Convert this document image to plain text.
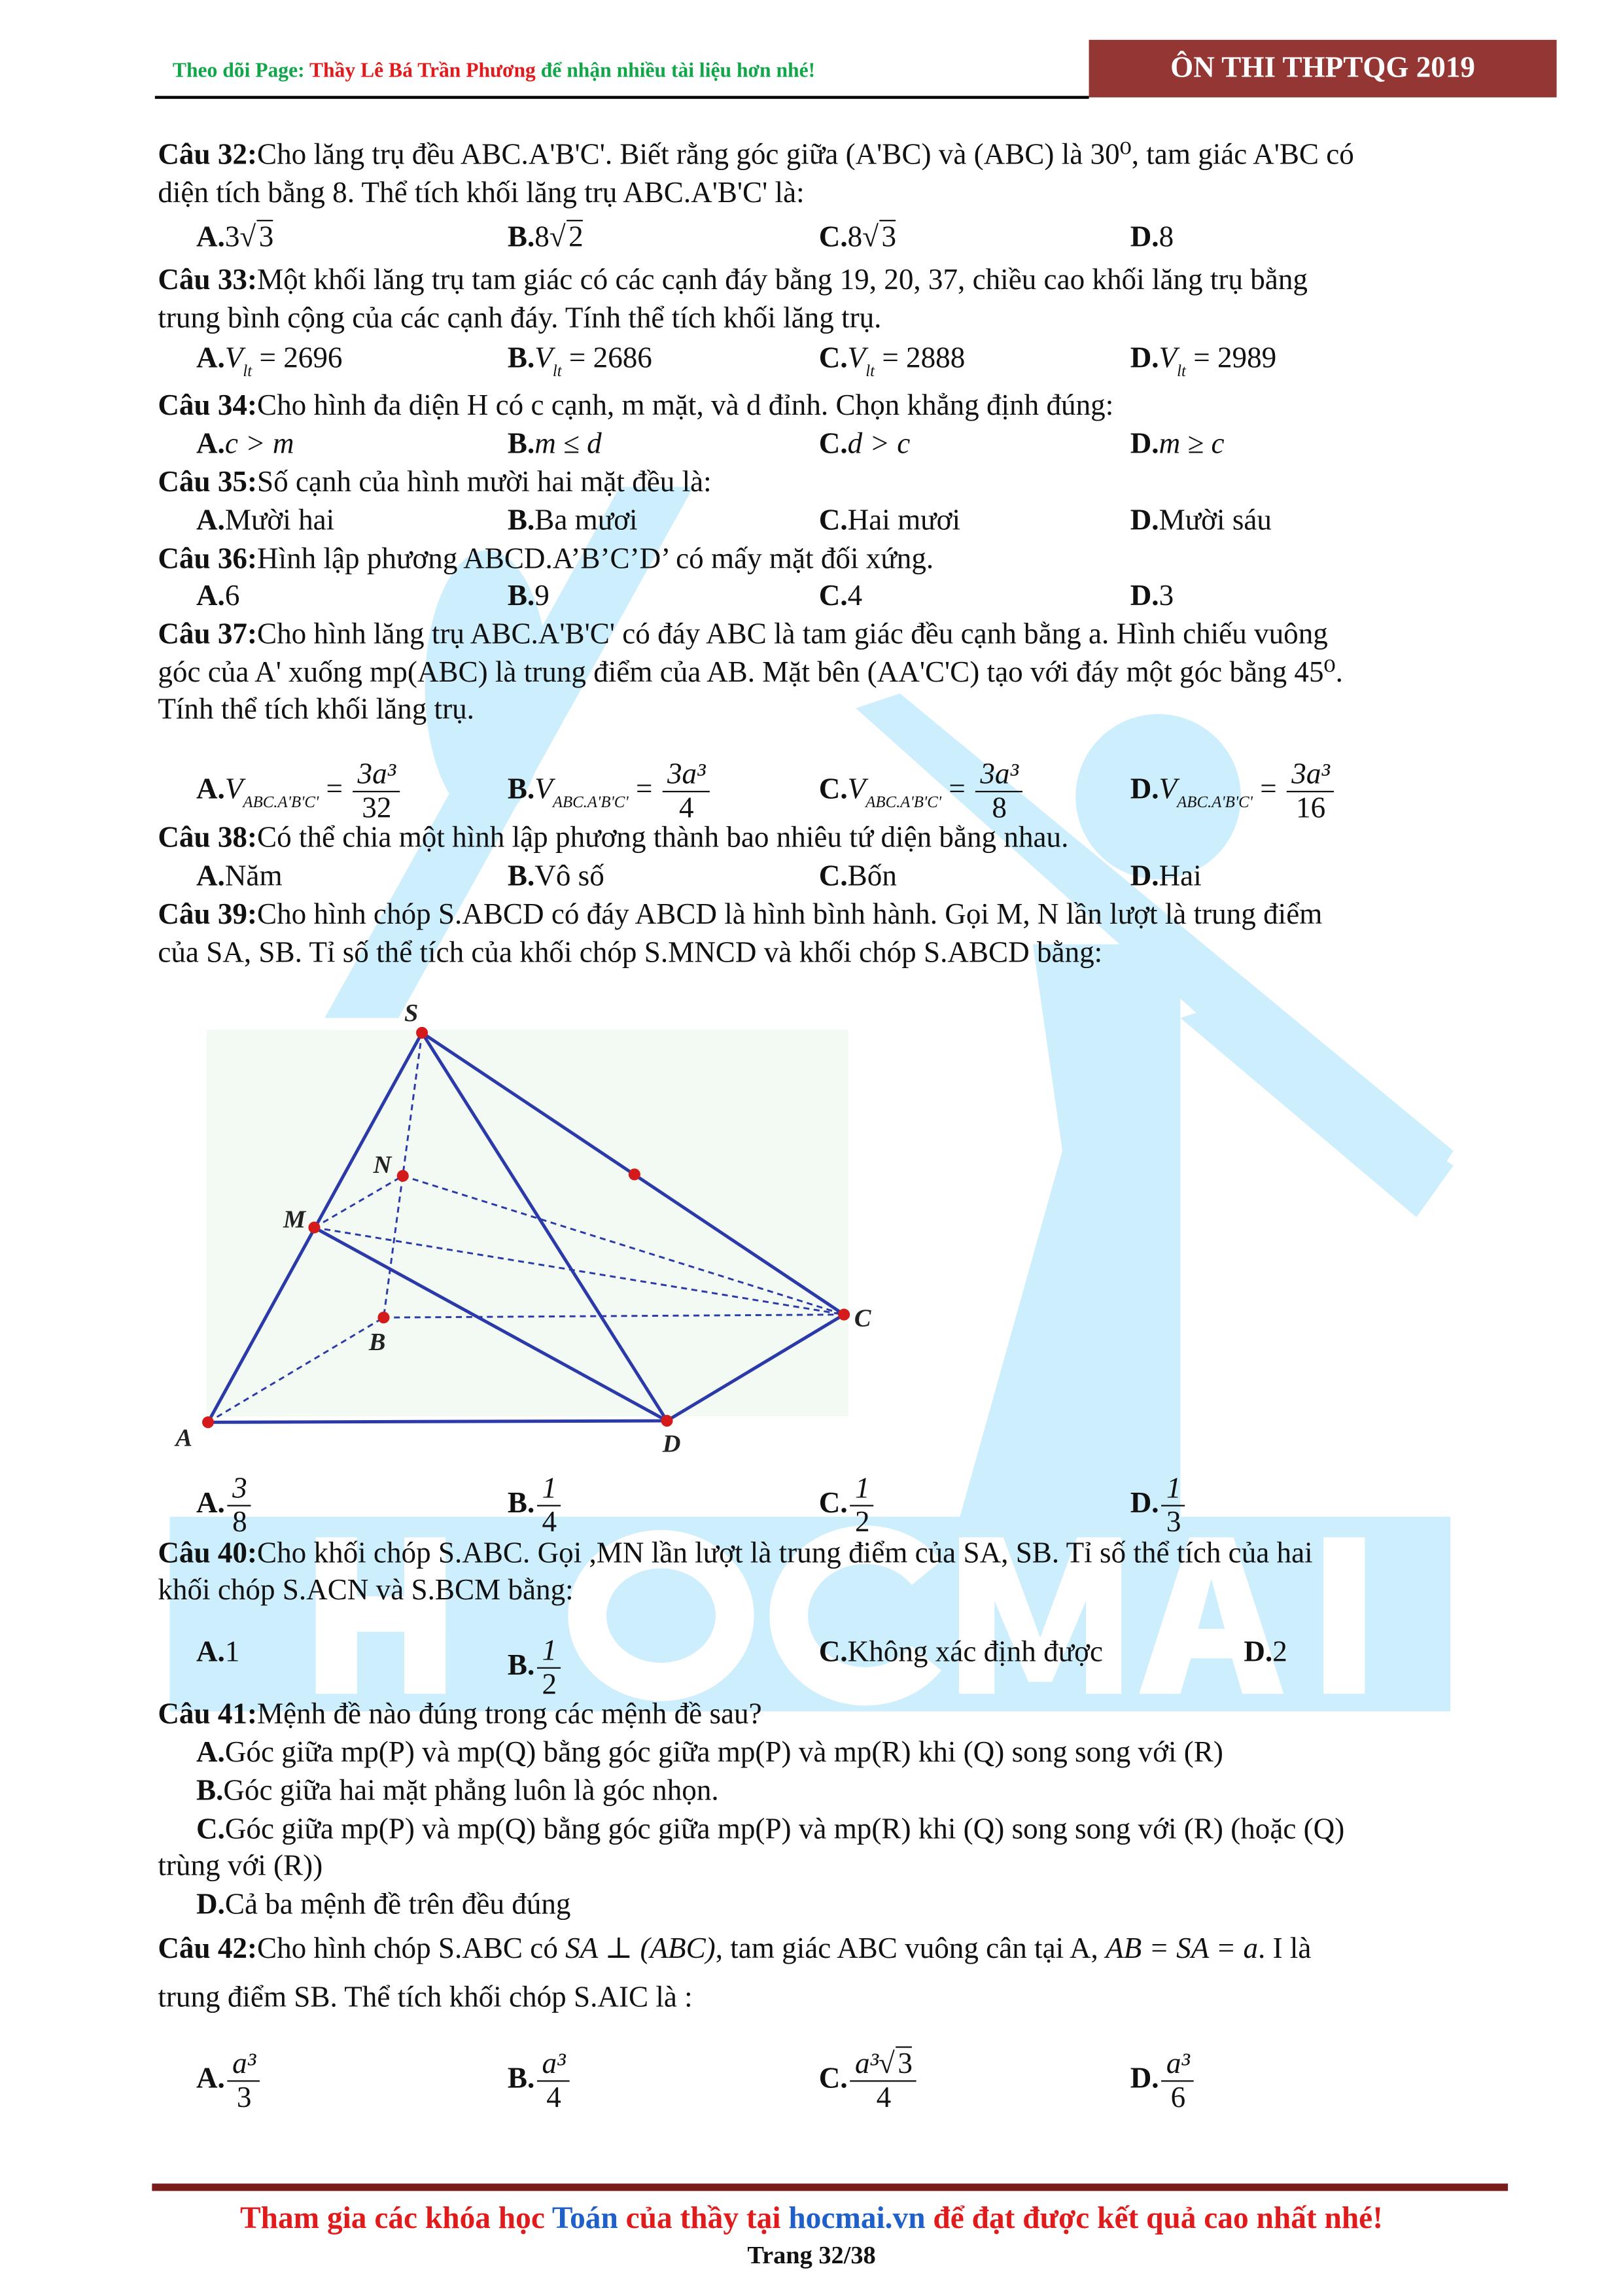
Theo dõi Page: Thầy Lê Bá Trần Phương để nhận nhiều tài liệu hơn nhé!	ÔN THI THPTQG 2019
Câu 32:Cho lăng trụ đều ABC.A'B'C'. Biết rằng góc giữa (A'BC) và (ABC) là 30⁰, tam giác A'BC có
diện tích bằng 8. Thể tích khối lăng trụ ABC.A'B'C' là:
A.3√ 3	B.8√ 2	C.8√ 3	D.8
Câu 33:Một khối lăng trụ tam giác có các cạnh đáy bằng 19, 20, 37, chiều cao khối lăng trụ bằng
trung bình cộng của các cạnh đáy. Tính thể tích khối lăng trụ.
$A.V_{lt} = 2696$	$B.V_{lt} = 2686$	$C.V_{lt} = 2888$	$D.V_{lt} = 2989$
Câu 34:Cho hình đa diện H có c cạnh, m mặt, và d đỉnh. Chọn khẳng định đúng:
A.c > m	B.m ≤ d	C.d > c	D.m ≥ c
Câu 35:Số cạnh của hình mười hai mặt đều là:
A.Mười hai	B.Ba mươi	C.Hai mươi	D.Mười sáu
Câu 36:Hình lập phương ABCD.A’B’C’D’ có mấy mặt đối xứng.
A.6	B.9	C.4	D.3
Câu 37:Cho hình lăng trụ ABC.A'B'C' có đáy ABC là tam giác đều cạnh bằng a. Hình chiếu vuông
góc của A' xuống mp(ABC) là trung điểm của AB. Mặt bên (AA'C'C) tạo với đáy một góc bằng 45⁰.
Tính thể tích khối lăng trụ.
$A.V_{ABC.A'B'C'} = \frac{\text{3a³}}{32}$	$B.V_{ABC.A'B'C'} = \frac{\text{3a³}}{4}$	$C.V_{ABC.A'B'C'} = \frac{\text{3a³}}{8}$	$D.V_{ABC.A'B'C'} = \frac{\text{3a³}}{16}$
Câu 38:Có thể chia một hình lập phương thành bao nhiêu tứ diện bằng nhau.
A.Năm	B.Vô số	C.Bốn	D.Hai
Câu 39:Cho hình chóp S.ABCD có đáy ABCD là hình bình hành. Gọi M, N lần lượt là trung điểm
của SA, SB. Tỉ số thể tích của khối chóp S.MNCD và khối chóp S.ABCD bằng:
A. $\frac{3}{8}$	B. $\frac{1}{4}$	C. $\frac{1}{2}$	D. $\frac{1}{3}$
Câu 40:Cho khối chóp S.ABC. Gọi ,MN lần lượt là trung điểm của SA, SB. Tỉ số thể tích của hai
khối chóp S.ACN và S.BCM bằng:
A.1	B. $\frac{1}{2}$	C.Không xác định được	D.2
Câu 41:Mệnh đề nào đúng trong các mệnh đề sau?
A.Góc giữa mp(P) và mp(Q) bằng góc giữa mp(P) và mp(R) khi (Q) song song với (R)
B.Góc giữa hai mặt phẳng luôn là góc nhọn.
C.Góc giữa mp(P) và mp(Q) bằng góc giữa mp(P) và mp(R) khi (Q) song song với (R) (hoặc (Q)
trùng với (R))
D.Cả ba mệnh đề trên đều đúng
Câu 42:Cho hình chóp S.ABC có SA ⊥ (ABC), tam giác ABC vuông cân tại A, AB = SA = a. I là
trung điểm SB. Thể tích khối chóp S.AIC là :
A. $\frac{\text{a³}}{3}$	B. $\frac{\text{a³}}{4}$	C. $\frac{\text{a³√ 3}}{4}$	D. $\frac{\text{a³}}{6}$
S
N
M
B
C
A	D
Tham gia các khóa học Toán của thầy tại hocmai.vn để đạt được kết quả cao nhất nhé!
Trang 32/38
